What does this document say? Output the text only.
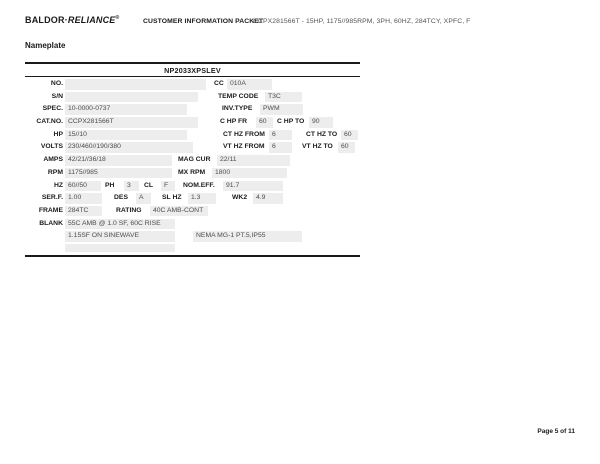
BALDOR·RELIANCE®	CUSTOMER INFORMATION PACKET
CCPX281566T - 15HP, 1175//985RPM, 3PH, 60HZ, 284TCY, XPFC, F
Nameplate
NP2033XPSLEV
NO.	CC 010A
S/N	TEMP CODE	T3C
SPEC. 10-0000-0737	INV.TYPE	PWM
CAT.NO. CCPX281566T	C HP FR	60	C HP TO	90
HP 15//10	CT HZ FROM	6	CT HZ TO 60
VOLTS 230/460//190/380	VT HZ FROM	6	VT HZ TO	60
AMPS 42/21//36/18	MAG CUR	22/11
RPM 1175//985	MX RPM	1800
HZ 60//50	PH	3	CL	F	NOM.EFF.	91.7
SER.F. 1.00	DES	A	SL HZ	1.3	WK2	4.9
FRAME 284TC	RATING	40C AMB-CONT
BLANK 55C AMB @ 1.0 SF, 60C RISE
1.15SF ON SINEWAVE	NEMA MG-1 PT.5,IP55
Page 5 of 11
